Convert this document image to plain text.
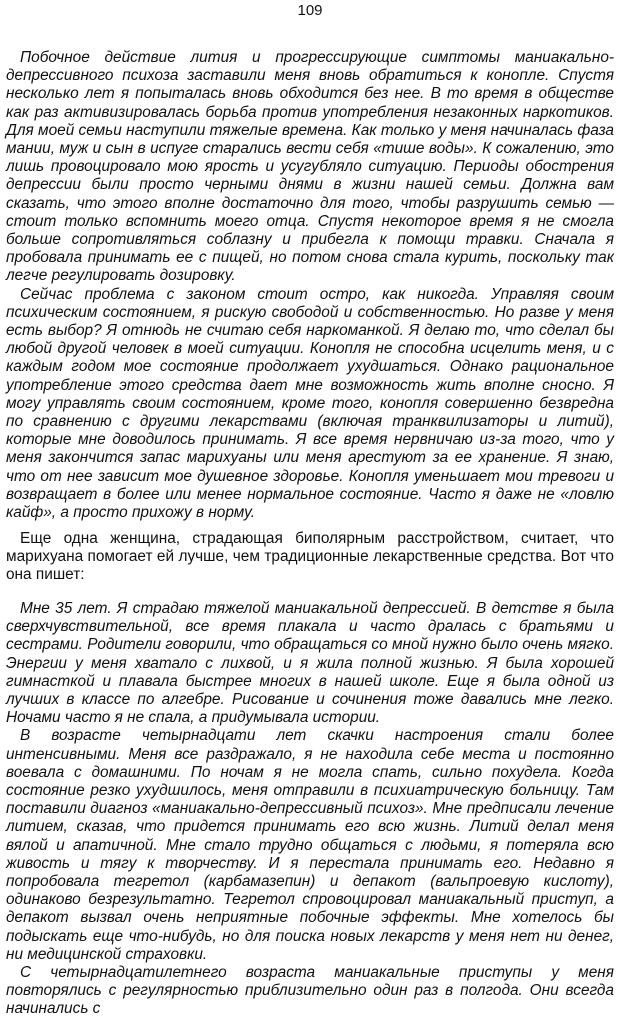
109

Побочное действие лития и прогрессирующие симптомы маниакально-депрессивного психоза заставили меня вновь обратиться к конопле. Спустя несколько лет я попыталась вновь обходится без нее. В то время в обществе как раз активизировалась борьба против употребления незаконных наркотиков. Для моей семьи наступили тяжелые времена. Как только у меня начиналась фаза мании, муж и сын в испуге старались вести себя «тише воды». К сожалению, это лишь провоцировало мою ярость и усугубляло ситуацию. Периоды обострения депрессии были просто черными днями в жизни нашей семьи. Должна вам сказать, что этого вполне достаточно для того, чтобы разрушить семью — стоит только вспомнить моего отца. Спустя некоторое время я не смогла больше сопротивляться соблазну и прибегла к помощи травки. Сначала я пробовала принимать ее с пищей, но потом снова стала курить, поскольку так легче регулировать дозировку.

Сейчас проблема с законом стоит остро, как никогда. Управляя своим психическим состоянием, я рискую свободой и собственностью. Но разве у меня есть выбор? Я отнюдь не считаю себя наркоманкой. Я делаю то, что сделал бы любой другой человек в моей ситуации. Конопля не способна исцелить меня, и с каждым годом мое состояние продолжает ухудшаться. Однако рациональное употребление этого средства дает мне возможность жить вполне сносно. Я могу управлять своим состоянием, кроме того, конопля совершенно безвредна по сравнению с другими лекарствами (включая транквилизаторы и литий), которые мне доводилось принимать. Я все время нервничаю из-за того, что у меня закончится запас марихуаны или меня арестуют за ее хранение. Я знаю, что от нее зависит мое душевное здоровье. Конопля уменьшает мои тревоги и возвращает в более или менее нормальное состояние. Часто я даже не «ловлю кайф», а просто прихожу в норму.

Еще одна женщина, страдающая биполярным расстройством, считает, что марихуана помогает ей лучше, чем традиционные лекарственные средства. Вот что она пишет:

Мне 35 лет. Я страдаю тяжелой маниакальной депрессией. В детстве я была сверхчувствительной, все время плакала и часто дралась с братьями и сестрами. Родители говорили, что обращаться со мной нужно было очень мягко. Энергии у меня хватало с лихвой, и я жила полной жизнью. Я была хорошей гимнасткой и плавала быстрее многих в нашей школе. Еще я была одной из лучших в классе по алгебре. Рисование и сочинения тоже давались мне легко. Ночами часто я не спала, а придумывала истории.

В возрасте четырнадцати лет скачки настроения стали более интенсивными. Меня все раздражало, я не находила себе места и постоянно воевала с домашними. По ночам я не могла спать, сильно похудела. Когда состояние резко ухудшилось, меня отправили в психиатрическую больницу. Там поставили диагноз «маниакально-депрессивный психоз». Мне предписали лечение литием, сказав, что придется принимать его всю жизнь. Литий делал меня вялой и апатичной. Мне стало трудно общаться с людьми, я потеряла всю живость и тягу к творчеству. И я перестала принимать его. Недавно я попробовала тегретол (карбамазепин) и депакот (вальпроевую кислоту), одинаково безрезультатно. Тегретол спровоцировал маниакальный приступ, а депакот вызвал очень неприятные побочные эффекты. Мне хотелось бы подыскать еще что-нибудь, но для поиска новых лекарств у меня нет ни денег, ни медицинской страховки.

С четырнадцатилетнего возраста маниакальные приступы у меня повторялись с регулярностью приблизительно один раз в полгода. Они всегда начинались с
